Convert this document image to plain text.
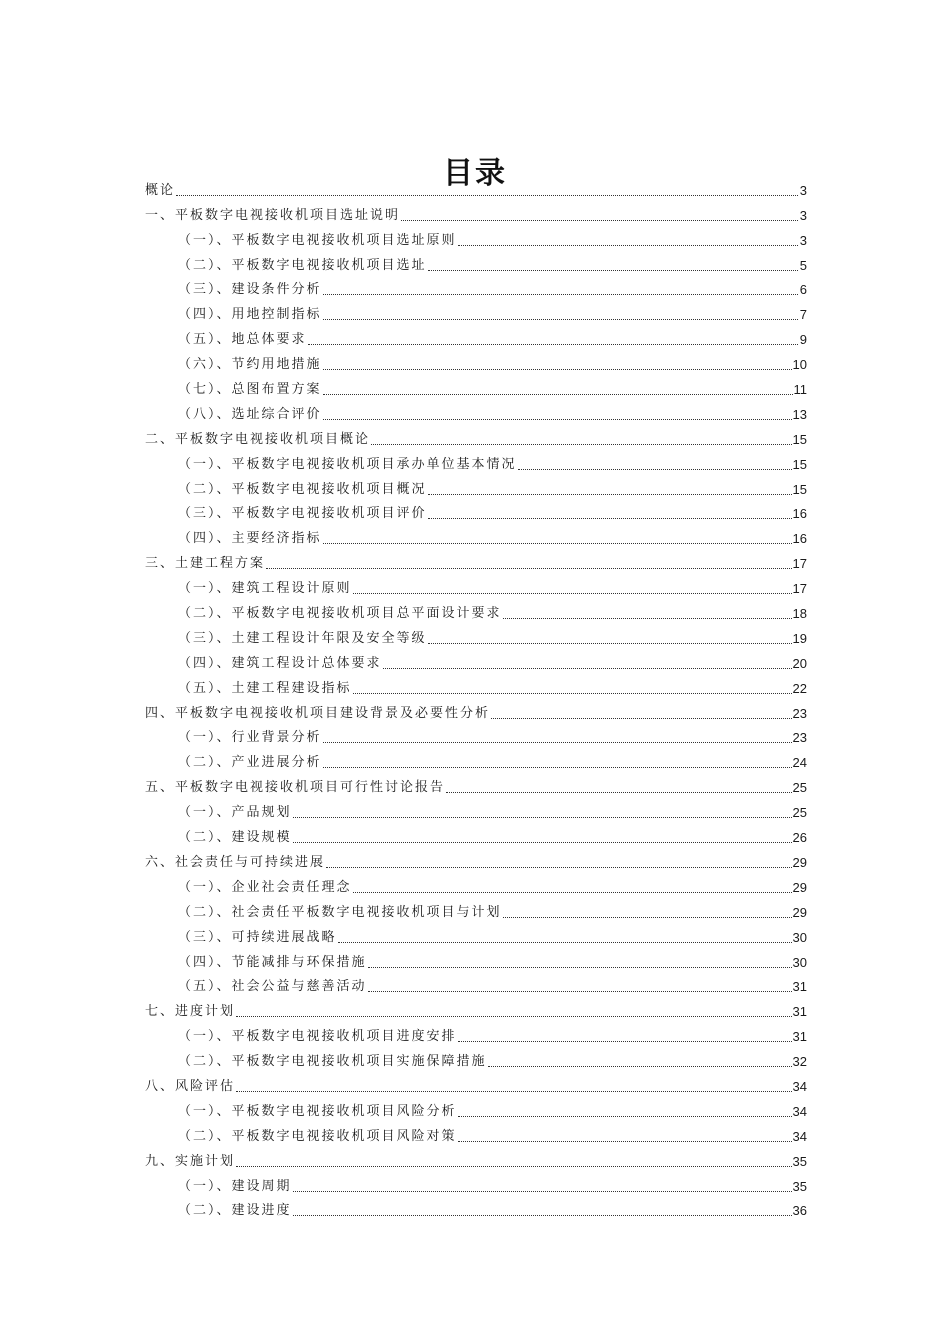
目录
概论	3
一、平板数字电视接收机项目选址说明	3
（一）、平板数字电视接收机项目选址原则	3
（二）、平板数字电视接收机项目选址	5
（三）、建设条件分析	6
（四）、用地控制指标	7
（五）、地总体要求	9
（六）、节约用地措施	10
（七）、总图布置方案	11
（八）、选址综合评价	13
二、平板数字电视接收机项目概论	15
（一）、平板数字电视接收机项目承办单位基本情况	15
（二）、平板数字电视接收机项目概况	15
（三）、平板数字电视接收机项目评价	16
（四）、主要经济指标	16
三、土建工程方案	17
（一）、建筑工程设计原则	17
（二）、平板数字电视接收机项目总平面设计要求	18
（三）、土建工程设计年限及安全等级	19
（四）、建筑工程设计总体要求	20
（五）、土建工程建设指标	22
四、平板数字电视接收机项目建设背景及必要性分析	23
（一）、行业背景分析	23
（二）、产业进展分析	24
五、平板数字电视接收机项目可行性讨论报告	25
（一）、产品规划	25
（二）、建设规模	26
六、社会责任与可持续进展	29
（一）、企业社会责任理念	29
（二）、社会责任平板数字电视接收机项目与计划	29
（三）、可持续进展战略	30
（四）、节能减排与环保措施	30
（五）、社会公益与慈善活动	31
七、进度计划	31
（一）、平板数字电视接收机项目进度安排	31
（二）、平板数字电视接收机项目实施保障措施	32
八、风险评估	34
（一）、平板数字电视接收机项目风险分析	34
（二）、平板数字电视接收机项目风险对策	34
九、实施计划	35
（一）、建设周期	35
（二）、建设进度	36
